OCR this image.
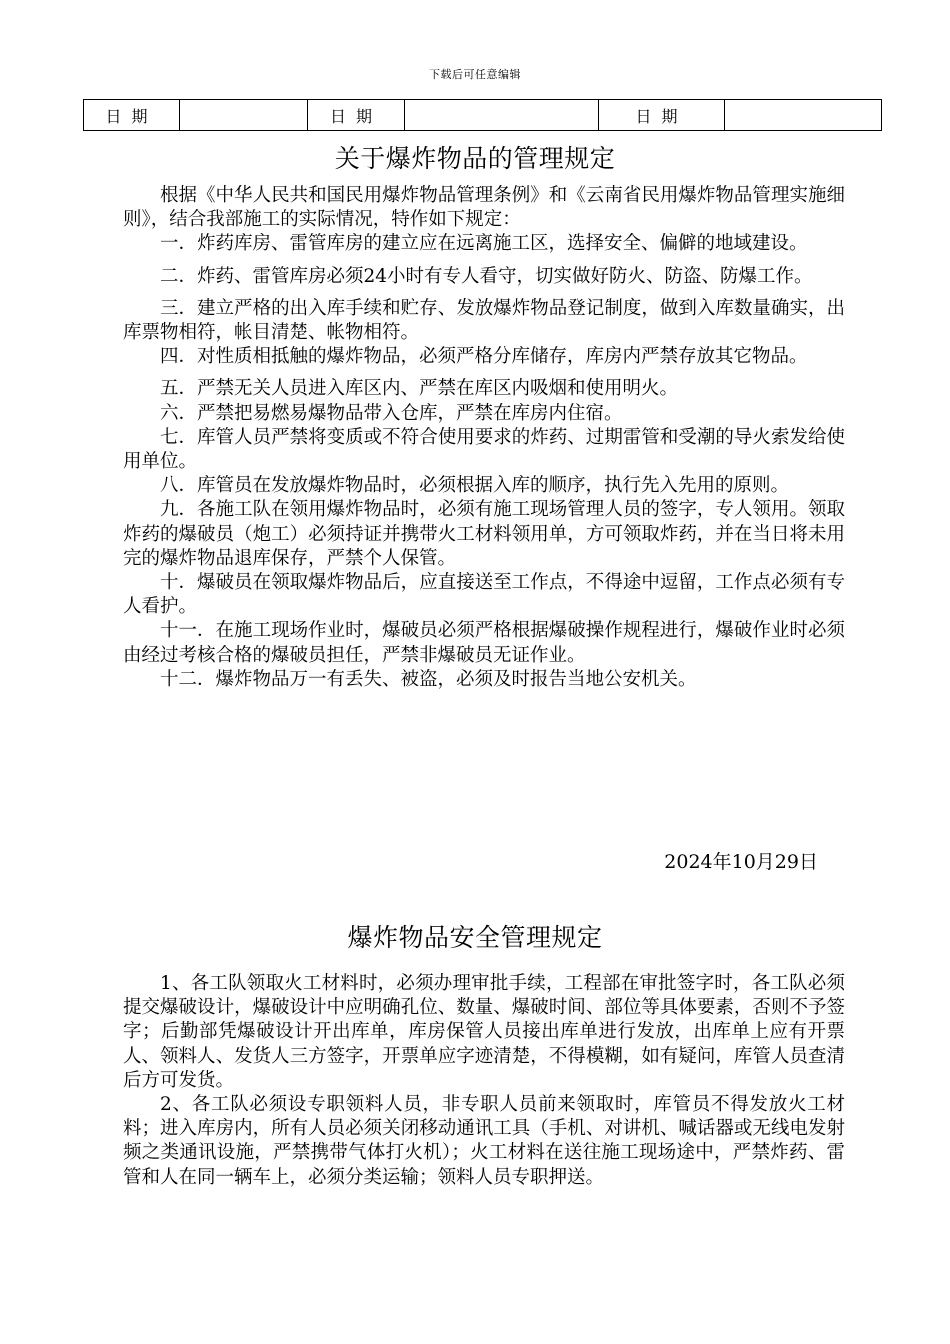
下载后可任意编辑
日期		日期		日期	
关于爆炸物品的管理规定

根据《中华人民共和国民用爆炸物品管理条例》和《云南省民用爆炸物品管理实施细则》，结合我部施工的实际情况，特作如下规定：

一．炸药库房、雷管库房的建立应在远离施工区，选择安全、偏僻的地域建设。

二．炸药、雷管库房必须24小时有专人看守，切实做好防火、防盗、防爆工作。

三．建立严格的出入库手续和贮存、发放爆炸物品登记制度，做到入库数量确实，出库票物相符，帐目清楚、帐物相符。

四．对性质相抵触的爆炸物品，必须严格分库储存，库房内严禁存放其它物品。

五．严禁无关人员进入库区内、严禁在库区内吸烟和使用明火。

六．严禁把易燃易爆物品带入仓库，严禁在库房内住宿。

七．库管人员严禁将变质或不符合使用要求的炸药、过期雷管和受潮的导火索发给使用单位。

八．库管员在发放爆炸物品时，必须根据入库的顺序，执行先入先用的原则。

九．各施工队在领用爆炸物品时，必须有施工现场管理人员的签字，专人领用。领取炸药的爆破员（炮工）必须持证并携带火工材料领用单，方可领取炸药，并在当日将未用完的爆炸物品退库保存，严禁个人保管。

十．爆破员在领取爆炸物品后，应直接送至工作点，不得途中逗留，工作点必须有专人看护。

十一．在施工现场作业时，爆破员必须严格根据爆破操作规程进行，爆破作业时必须由经过考核合格的爆破员担任，严禁非爆破员无证作业。

十二．爆炸物品万一有丢失、被盗，必须及时报告当地公安机关。

2024年10月29日
爆炸物品安全管理规定

1、各工队领取火工材料时，必须办理审批手续，工程部在审批签字时，各工队必须提交爆破设计，爆破设计中应明确孔位、数量、爆破时间、部位等具体要素，否则不予签字；后勤部凭爆破设计开出库单，库房保管人员接出库单进行发放，出库单上应有开票人、领料人、发货人三方签字，开票单应字迹清楚，不得模糊，如有疑问，库管人员查清后方可发货。

2、各工队必须设专职领料人员，非专职人员前来领取时，库管员不得发放火工材料；进入库房内，所有人员必须关闭移动通讯工具（手机、对讲机、喊话器或无线电发射频之类通讯设施，严禁携带气体打火机）；火工材料在送往施工现场途中，严禁炸药、雷管和人在同一辆车上，必须分类运输；领料人员专职押送。
